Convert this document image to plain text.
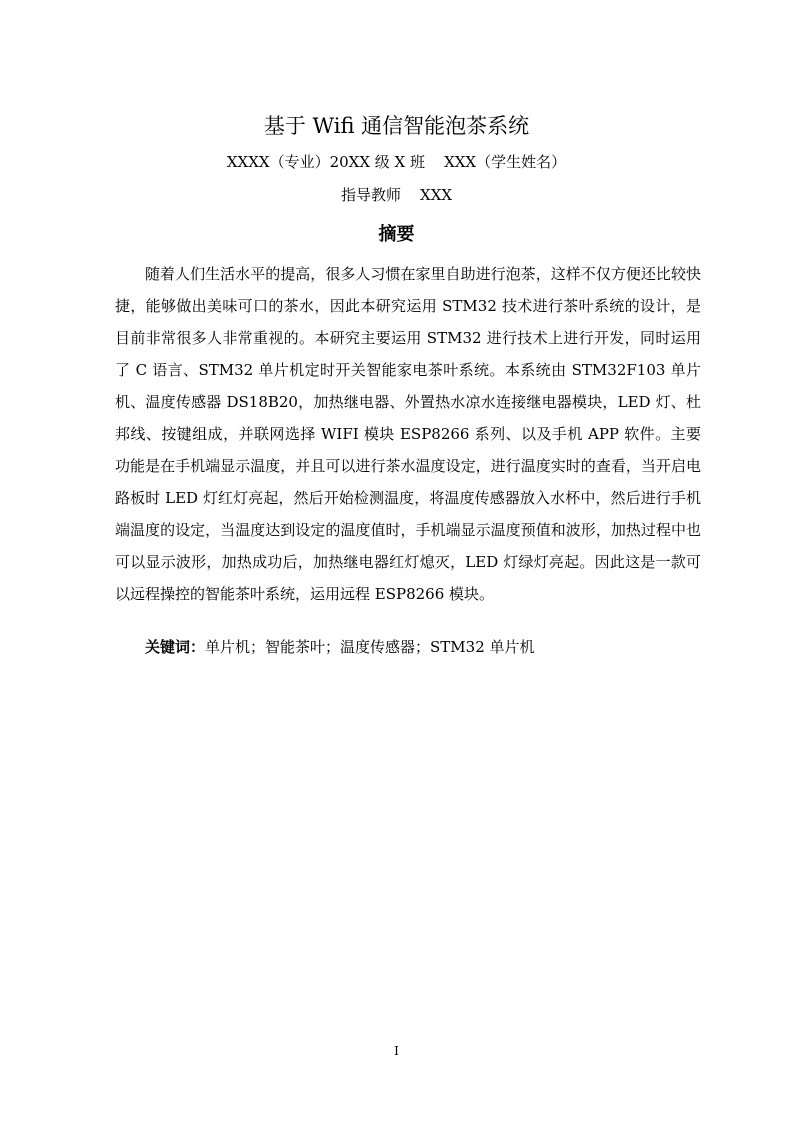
基于 Wifi 通信智能泡茶系统
XXXX（专业）20XX 级 X 班    XXX（学生姓名）
指导教师    XXX
摘要

随着人们生活水平的提高，很多人习惯在家里自助进行泡茶，这样不仅方便还比较快捷，能够做出美味可口的茶水，因此本研究运用 STM32 技术进行茶叶系统的设计，是目前非常很多人非常重视的。本研究主要运用 STM32 进行技术上进行开发，同时运用了 C 语言、STM32 单片机定时开关智能家电茶叶系统。本系统由 STM32F103 单片机、温度传感器 DS18B20，加热继电器、外置热水凉水连接继电器模块，LED 灯、杜邦线、按键组成，并联网选择 WIFI 模块 ESP8266 系列、以及手机 APP 软件。主要功能是在手机端显示温度，并且可以进行茶水温度设定，进行温度实时的查看，当开启电路板时 LED 灯红灯亮起，然后开始检测温度，将温度传感器放入水杯中，然后进行手机端温度的设定，当温度达到设定的温度值时，手机端显示温度预值和波形，加热过程中也可以显示波形，加热成功后，加热继电器红灯熄灭，LED 灯绿灯亮起。因此这是一款可以远程操控的智能茶叶系统，运用远程 ESP8266 模块。

关键词：单片机；智能茶叶；温度传感器；STM32 单片机

I
